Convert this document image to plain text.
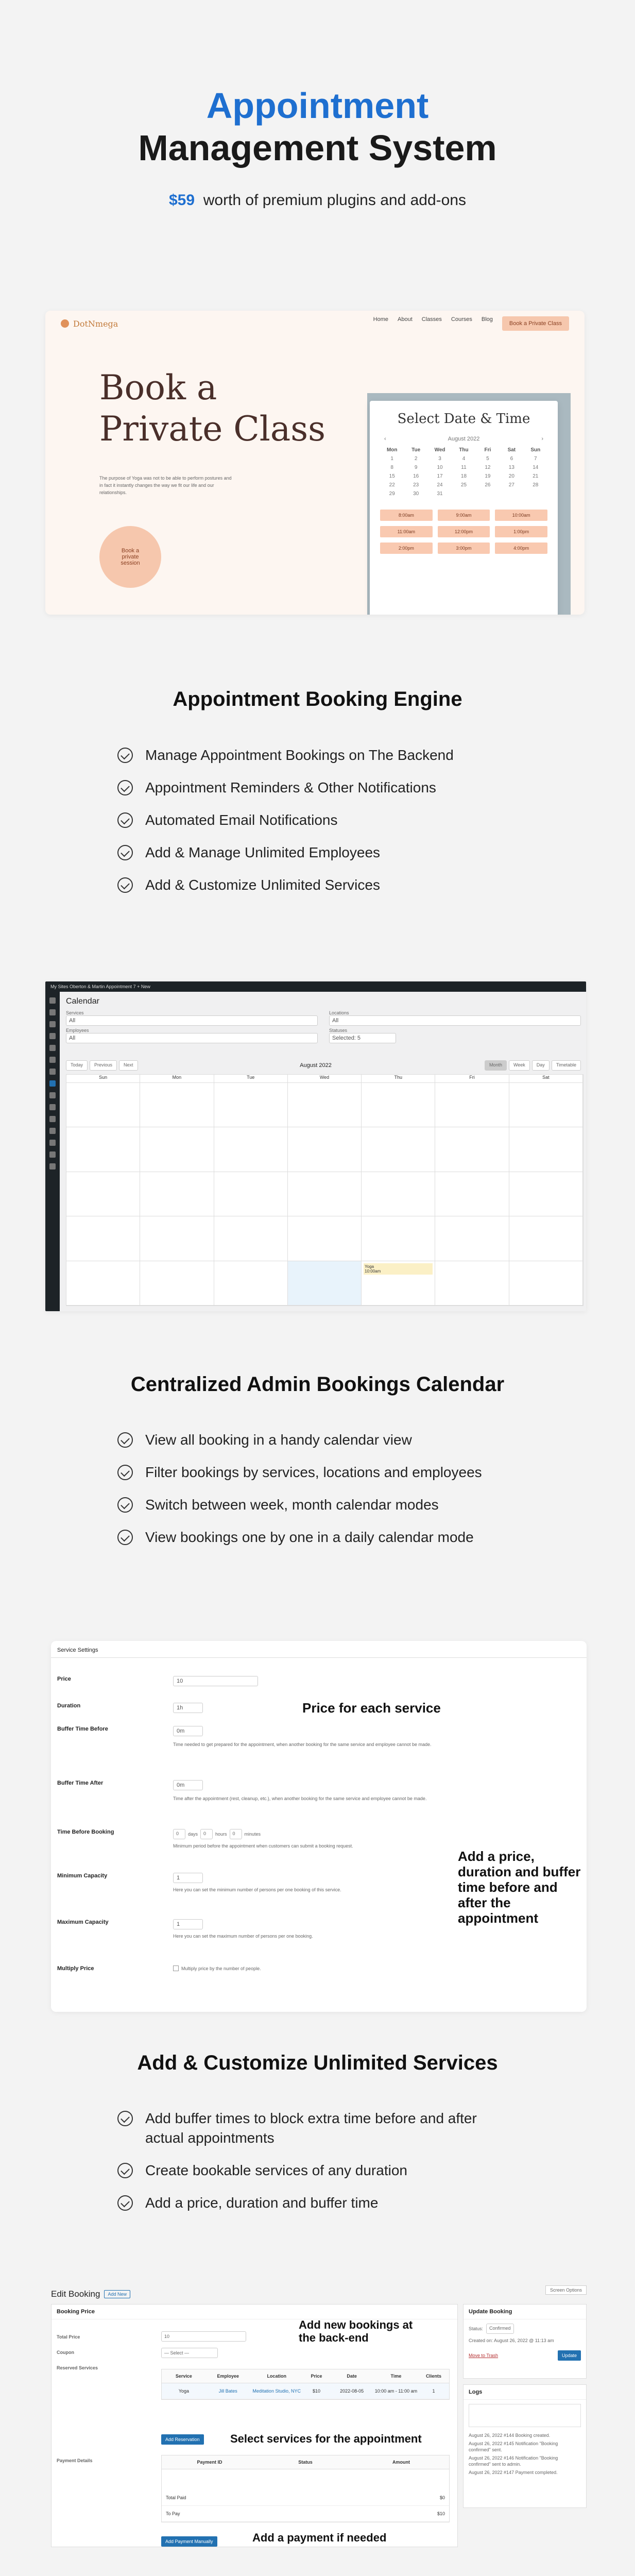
Appointment
Management System
$59 worth of premium plugins and add-ons
DotNmega	Home About Classes Courses Blog
Book a Private Class
Book a
Private Class
The purpose of Yoga was not to be able to perform postures and in fact it instantly changes the way we fit our life and our relationships.
Book a private session
Select Date & Time
‹	August 2022	›
Mon	Tue	Wed	Thu	Fri	Sat	Sun
1	2	3	4	5	6	7
8	9	10	11	12	13	14
15	16	17	18	19	20	21
22	23	24	25	26	27	28
29	30	31
8:00am	9:00am	10:00am
11:00am	12:00pm	1:00pm
2:00pm	3:00pm	4:00pm
Appointment Booking Engine
Manage Appointment Bookings on The Backend
Appointment Reminders & Other Notifications
Automated Email Notifications
Add & Manage Unlimited Employees
Add & Customize Unlimited Services
My Sites Oberton & Martin Appointment 7 + New
Calendar
Services
All
Locations
All
Employees
All
Statuses
Selected: 5
Today	Previous	Next	August 2022	Month	Week	Day	Timetable
Sun	Mon	Tue	Wed	Thu	Fri	Sat
Yoga
10:00am
Centralized Admin Bookings Calendar
View all booking in a handy calendar view
Filter bookings by services, locations and employees
Switch between week, month calendar modes
View bookings one by one in a daily calendar mode
Service Settings
Price	10
Duration	1h
Buffer Time Before	0m
Time needed to get prepared for the appointment, when another booking for the same service and employee cannot be made.
Buffer Time After	0m
Time after the appointment (rest, cleanup, etc.), when another booking for the same service and employee cannot be made.
Time Before Booking	0	days	0	hours	0	minutes
Minimum period before the appointment when customers can submit a booking request.
Minimum Capacity	1
Here you can set the minimum number of persons per one booking of this service.
Maximum Capacity	1
Here you can set the maximum number of persons per one booking.
Multiply Price	Multiply price by the number of people.
Price for each service
Add a price, duration and buffer time before and after the appointment
Add & Customize Unlimited Services
Add buffer times to block extra time before and after actual appointments
Create bookable services of any duration
Add a price, duration and buffer time
Edit Booking	Add New
Screen Options
Booking Price
Total Price	10
Coupon	— Select —
Reserved Services
Service	Employee	Location	Price	Date	Time	Clients
Yoga	Jill Bates	Meditation Studio, NYC	$10	2022-08-05	10:00 am - 11:00 am	1
Add Reservation
Payment Details	Payment ID	Status	Amount
Total Paid	$0
To Pay	$10
Add Payment Manually
Add new bookings at the back-end
Select services for the appointment
Add a payment if needed
Update Booking
Status:	Confirmed
Created on: August 26, 2022 @ 11:13 am
Move to Trash	Update
Logs
August 26, 2022 #144 Booking created.
August 26, 2022 #145 Notification "Booking confirmed" sent.
August 26, 2022 #146 Notification "Booking confirmed" sent to admin.
August 26, 2022 #147 Payment completed.
